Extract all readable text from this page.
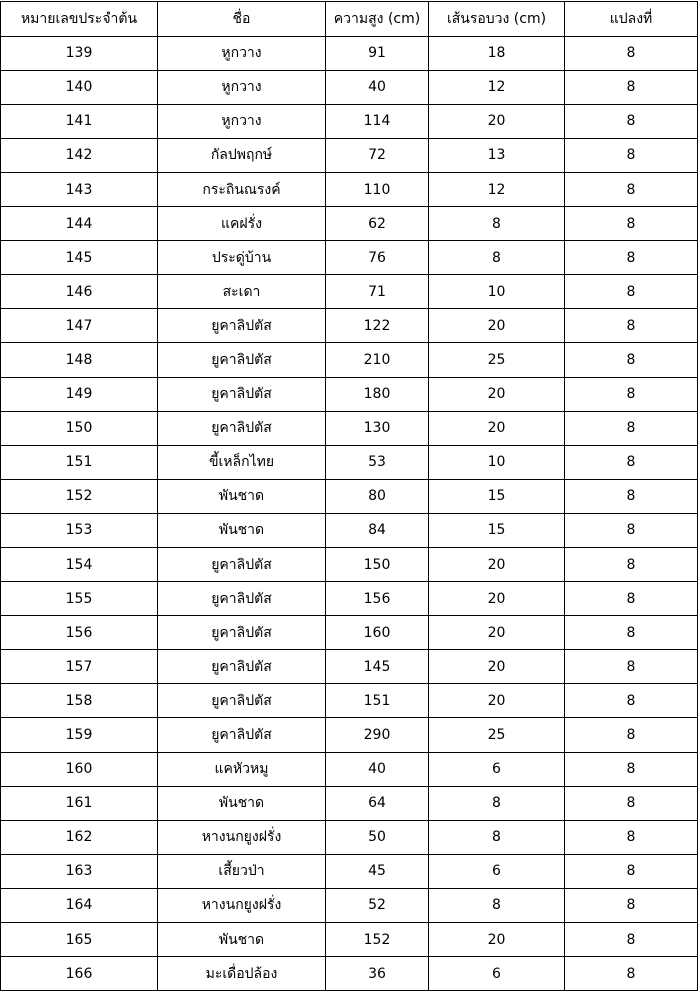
หมายเลขประจำต้น	ชื่อ	ความสูง (cm)	เส้นรอบวง (cm)	แปลงที่
139	หูกวาง	91	18	8
140	หูกวาง	40	12	8
141	หูกวาง	114	20	8
142	กัลปพฤกษ์	72	13	8
143	กระถินณรงค์	110	12	8
144	แคฝรั่ง	62	8	8
145	ประดู่บ้าน	76	8	8
146	สะเดา	71	10	8
147	ยูคาลิปตัส	122	20	8
148	ยูคาลิปตัส	210	25	8
149	ยูคาลิปตัส	180	20	8
150	ยูคาลิปตัส	130	20	8
151	ขี้เหล็กไทย	53	10	8
152	พันชาด	80	15	8
153	พันชาด	84	15	8
154	ยูคาลิปตัส	150	20	8
155	ยูคาลิปตัส	156	20	8
156	ยูคาลิปตัส	160	20	8
157	ยูคาลิปตัส	145	20	8
158	ยูคาลิปตัส	151	20	8
159	ยูคาลิปตัส	290	25	8
160	แคหัวหมู	40	6	8
161	พันชาด	64	8	8
162	หางนกยูงฝรั่ง	50	8	8
163	เสี้ยวป่า	45	6	8
164	หางนกยูงฝรั่ง	52	8	8
165	พันชาด	152	20	8
166	มะเดื่อปล้อง	36	6	8
